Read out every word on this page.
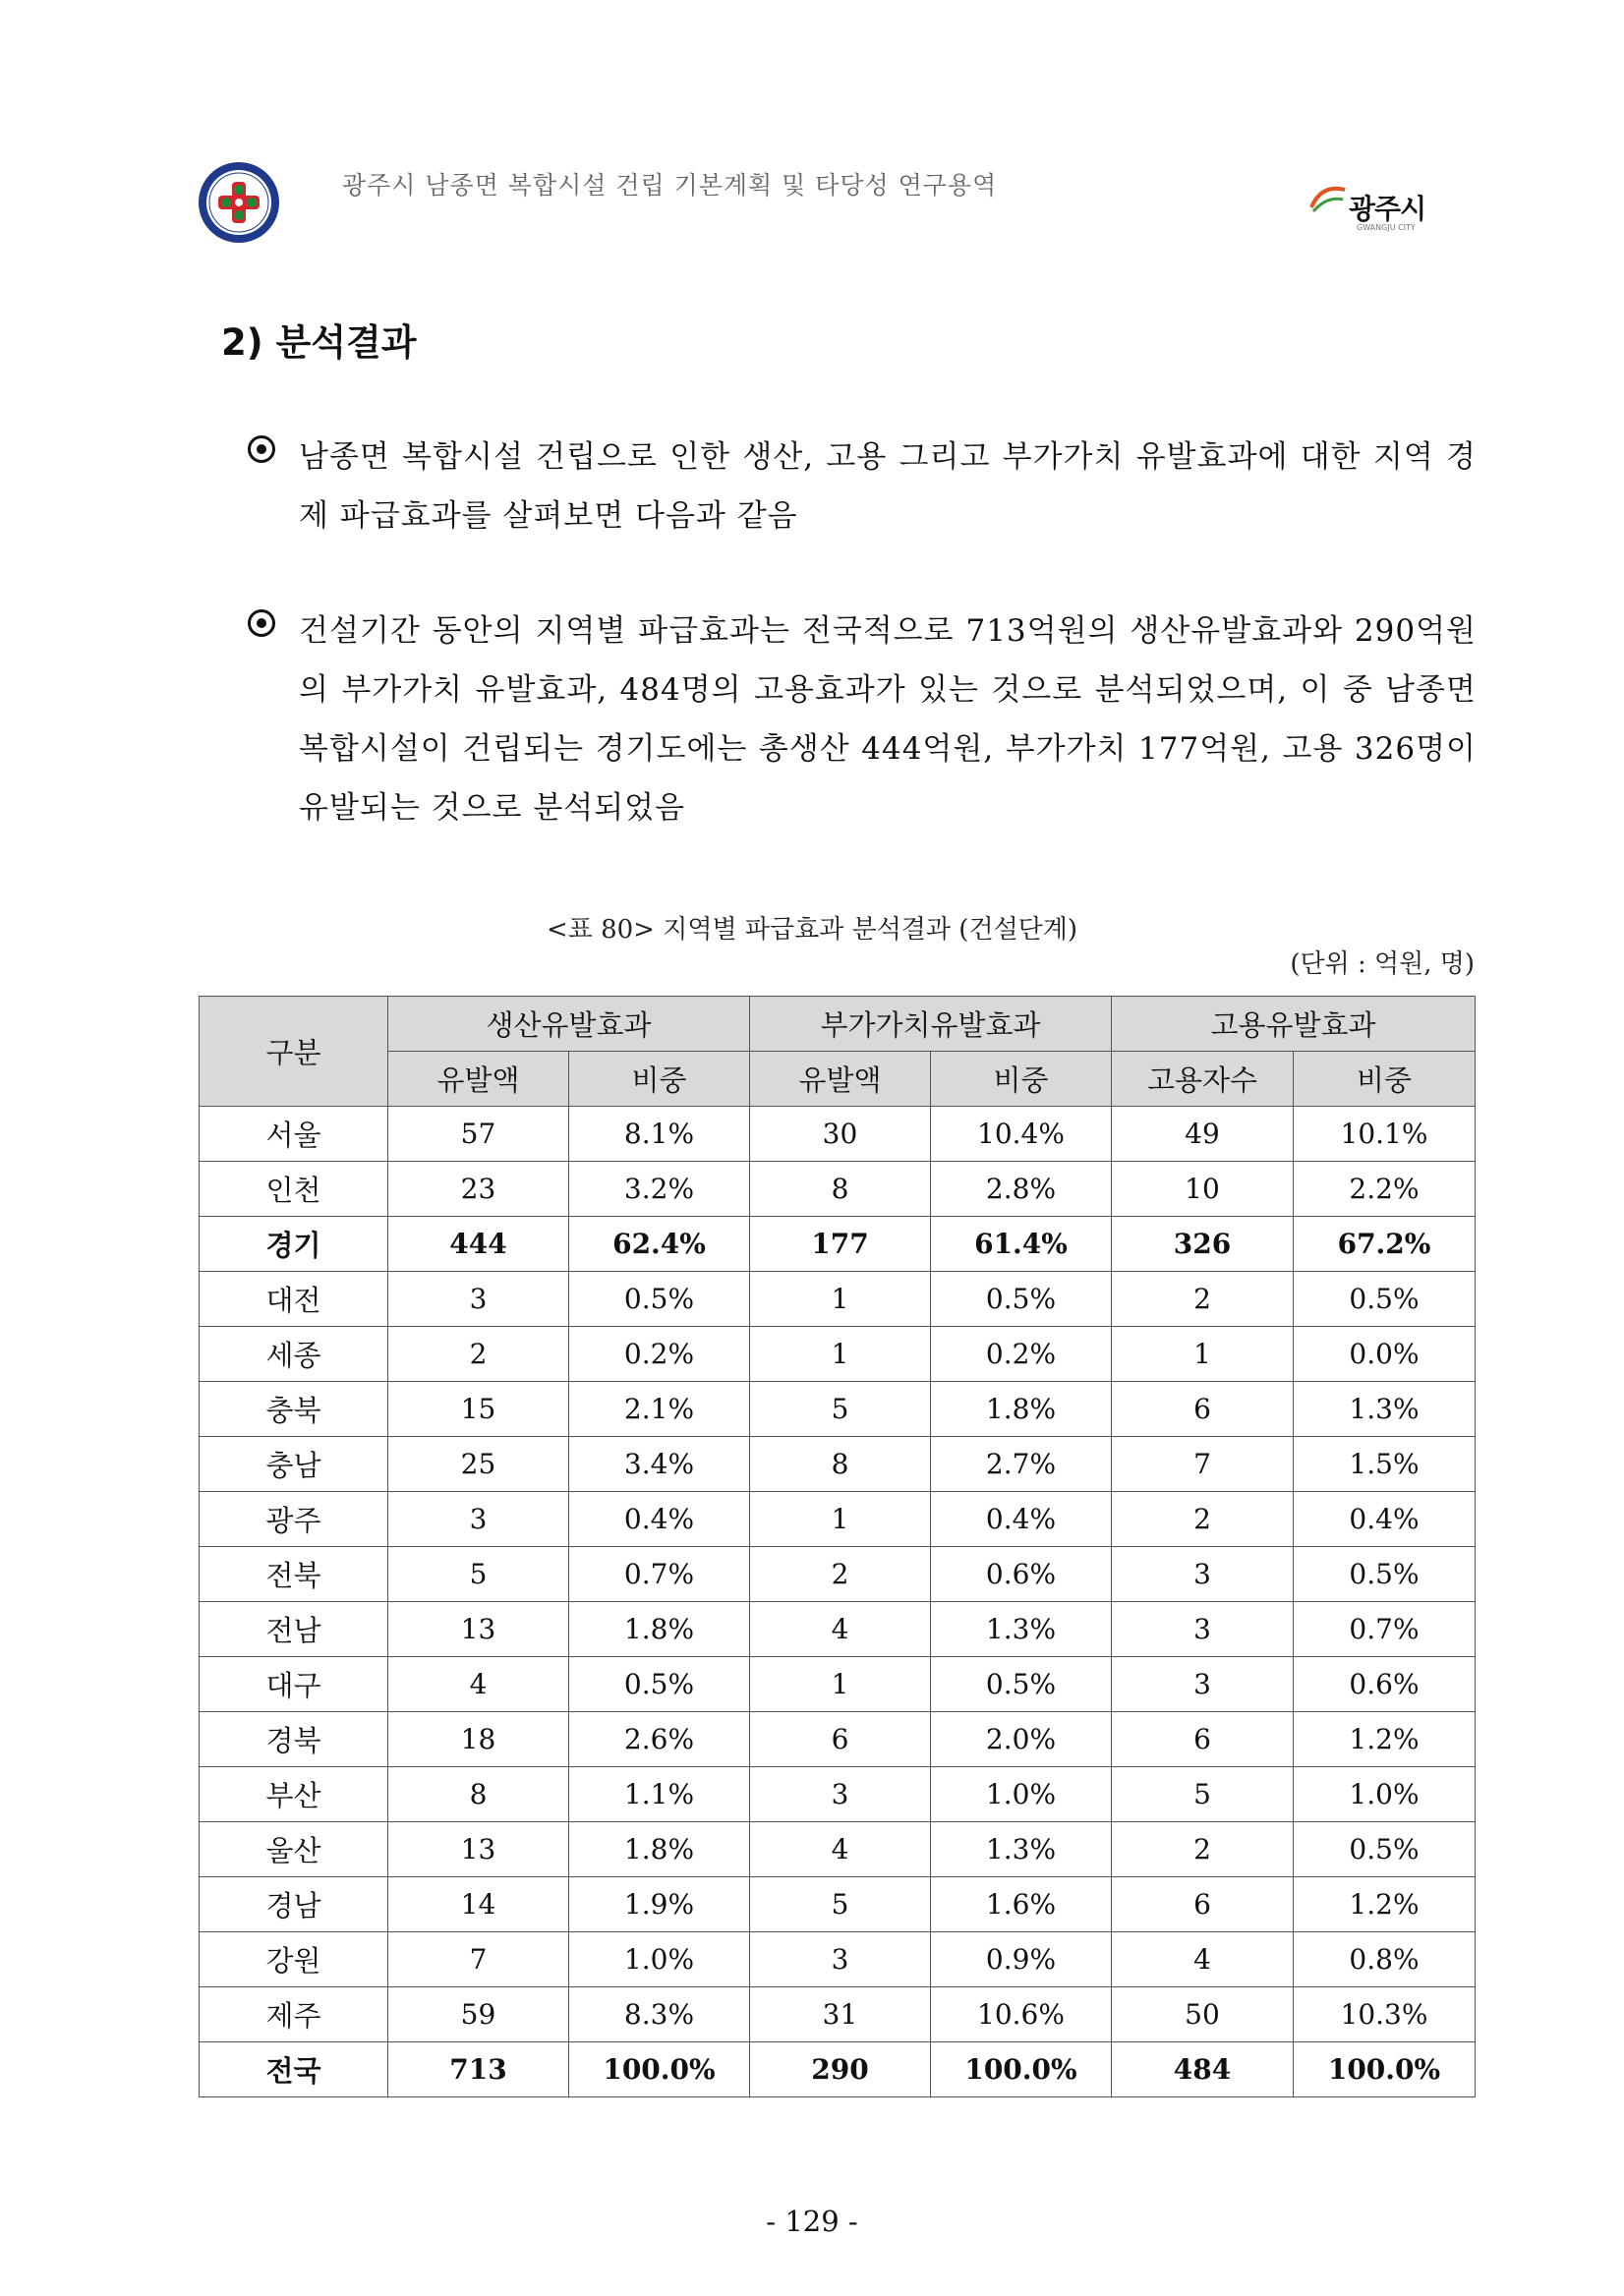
광주시 남종면 복합시설 건립 기본계획 및 타당성 연구용역
광주시
GWANGJU CITY
2) 분석결과
남종면 복합시설 건립으로 인한 생산, 고용 그리고 부가가치 유발효과에 대한 지역 경제 파급효과를 살펴보면 다음과 같음
건설기간 동안의 지역별 파급효과는 전국적으로 713억원의 생산유발효과와 290억원의 부가가치 유발효과, 484명의 고용효과가 있는 것으로 분석되었으며, 이 중 남종면 복합시설이 건립되는 경기도에는 총생산 444억원, 부가가치 177억원, 고용 326명이 유발되는 것으로 분석되었음
<표 80> 지역별 파급효과 분석결과 (건설단계)
(단위 : 억원, 명)
구분	생산유발효과		부가가치유발효과		고용유발효과	
	유발액	비중	유발액	비중	고용자수	비중
서울	57	8.1%	30	10.4%	49	10.1%
인천	23	3.2%	8	2.8%	10	2.2%
경기	444	62.4%	177	61.4%	326	67.2%
대전	3	0.5%	1	0.5%	2	0.5%
세종	2	0.2%	1	0.2%	1	0.0%
충북	15	2.1%	5	1.8%	6	1.3%
충남	25	3.4%	8	2.7%	7	1.5%
광주	3	0.4%	1	0.4%	2	0.4%
전북	5	0.7%	2	0.6%	3	0.5%
전남	13	1.8%	4	1.3%	3	0.7%
대구	4	0.5%	1	0.5%	3	0.6%
경북	18	2.6%	6	2.0%	6	1.2%
부산	8	1.1%	3	1.0%	5	1.0%
울산	13	1.8%	4	1.3%	2	0.5%
경남	14	1.9%	5	1.6%	6	1.2%
강원	7	1.0%	3	0.9%	4	0.8%
제주	59	8.3%	31	10.6%	50	10.3%
전국	713	100.0%	290	100.0%	484	100.0%
- 129 -
